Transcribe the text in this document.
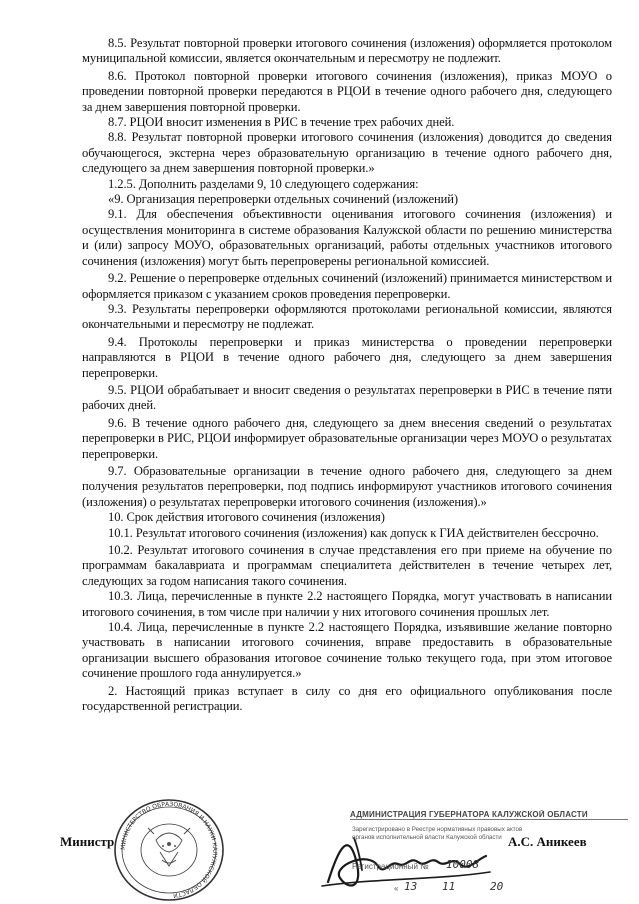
8.5. Результат повторной проверки итогового сочинения (изложения) оформляется протоколом муниципальной комиссии, является окончательным и пересмотру не подлежит.

8.6. Протокол повторной проверки итогового сочинения (изложения), приказ МОУО о проведении повторной проверки передаются в РЦОИ в течение одного рабочего дня, следующего за днем завершения повторной проверки.

8.7. РЦОИ вносит изменения в РИС в течение трех рабочих дней.

8.8. Результат повторной проверки итогового сочинения (изложения) доводится до сведения обучающегося, экстерна через образовательную организацию в течение одного рабочего дня, следующего за днем завершения повторной проверки.»

1.2.5. Дополнить разделами 9, 10 следующего содержания:

«9. Организация перепроверки отдельных сочинений (изложений)

9.1. Для обеспечения объективности оценивания итогового сочинения (изложения) и осуществления мониторинга в системе образования Калужской области по решению министерства и (или) запросу МОУО, образовательных организаций, работы отдельных участников итогового сочинения (изложения) могут быть перепроверены региональной комиссией.

9.2. Решение о перепроверке отдельных сочинений (изложений) принимается министерством и оформляется приказом с указанием сроков проведения перепроверки.

9.3. Результаты перепроверки оформляются протоколами региональной комиссии, являются окончательными и пересмотру не подлежат.

9.4. Протоколы перепроверки и приказ министерства о проведении перепроверки направляются в РЦОИ в течение одного рабочего дня, следующего за днем завершения перепроверки.

9.5. РЦОИ обрабатывает и вносит сведения о результатах перепроверки в РИС в течение пяти рабочих дней.

9.6. В течение одного рабочего дня, следующего за днем внесения сведений о результатах перепроверки в РИС, РЦОИ информирует образовательные организации через МОУО о результатах перепроверки.

9.7. Образовательные организации в течение одного рабочего дня, следующего за днем получения результатов перепроверки, под подпись информируют участников итогового сочинения (изложения) о результатах перепроверки итогового сочинения (изложения).»

10. Срок действия итогового сочинения (изложения)

10.1. Результат итогового сочинения (изложения) как допуск к ГИА действителен бессрочно.

10.2. Результат итогового сочинения в случае представления его при приеме на обучение по программам бакалавриата и программам специалитета действителен в течение четырех лет, следующих за годом написания такого сочинения.

10.3. Лица, перечисленные в пункте 2.2 настоящего Порядка, могут участвовать в написании итогового сочинения, в том числе при наличии у них итогового сочинения прошлых лет.

10.4. Лица, перечисленные в пункте 2.2 настоящего Порядка, изъявившие желание повторно участвовать в написании итогового сочинения, вправе предоставить в образовательные организации высшего образования итоговое сочинение только текущего года, при этом итоговое сочинение прошлого года аннулируется.»

2. Настоящий приказ вступает в силу со дня его официального опубликования после государственной регистрации.

МИНИСТЕРСТВО ОБРАЗОВАНИЯ И НАУКИ КАЛУЖСКОЙ ОБЛАСТИ
Министр
АДМИНИСТРАЦИЯ ГУБЕРНАТОРА КАЛУЖСКОЙ ОБЛАСТИ
Зарегистрировано в Реестре нормативных правовых актов
органов исполнительной власти Калужской области
Регистрационный № 10008
« 13 11	20
А.С. Аникеев
